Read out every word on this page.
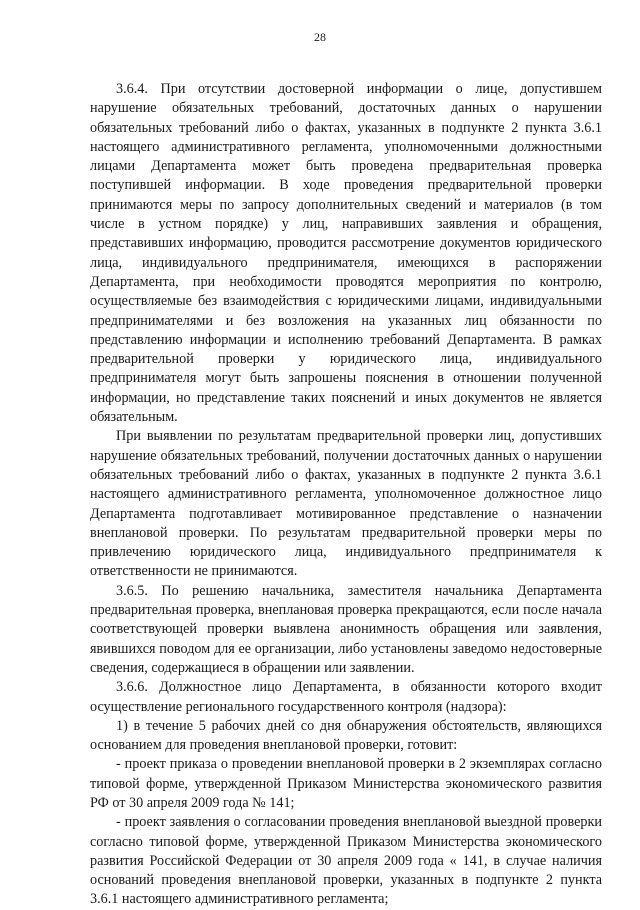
28

3.6.4. При отсутствии достоверной информации о лице, допустившем нарушение обязательных требований, достаточных данных о нарушении обязательных требований либо о фактах, указанных в подпункте 2 пункта 3.6.1 настоящего административного регламента, уполномоченными должностными лицами Департамента может быть проведена предварительная проверка поступившей информации. В ходе проведения предварительной проверки принимаются меры по запросу дополнительных сведений и материалов (в том числе в устном порядке) у лиц, направивших заявления и обращения, представивших информацию, проводится рассмотрение документов юридического лица, индивидуального предпринимателя, имеющихся в распоряжении Департамента, при необходимости проводятся мероприятия по контролю, осуществляемые без взаимодействия с юридическими лицами, индивидуальными предпринимателями и без возложения на указанных лиц обязанности по представлению информации и исполнению требований Департамента. В рамках предварительной проверки у юридического лица, индивидуального предпринимателя могут быть запрошены пояснения в отношении полученной информации, но представление таких пояснений и иных документов не является обязательным.

При выявлении по результатам предварительной проверки лиц, допустивших нарушение обязательных требований, получении достаточных данных о нарушении обязательных требований либо о фактах, указанных в подпункте 2 пункта 3.6.1 настоящего административного регламента, уполномоченное должностное лицо Департамента подготавливает мотивированное представление о назначении внеплановой проверки. По результатам предварительной проверки меры по привлечению юридического лица, индивидуального предпринимателя к ответственности не принимаются.

3.6.5. По решению начальника, заместителя начальника Департамента предварительная проверка, внеплановая проверка прекращаются, если после начала соответствующей проверки выявлена анонимность обращения или заявления, явившихся поводом для ее организации, либо установлены заведомо недостоверные сведения, содержащиеся в обращении или заявлении.

3.6.6. Должностное лицо Департамента, в обязанности которого входит осуществление регионального государственного контроля (надзора):

1) в течение 5 рабочих дней со дня обнаружения обстоятельств, являющихся основанием для проведения внеплановой проверки, готовит:

- проект приказа о проведении внеплановой проверки в 2 экземплярах согласно типовой форме, утвержденной Приказом Министерства экономического развития РФ от 30 апреля 2009 года № 141;

- проект заявления о согласовании проведения внеплановой выездной проверки согласно типовой форме, утвержденной Приказом Министерства экономического развития Российской Федерации от 30 апреля 2009 года « 141, в случае наличия оснований проведения внеплановой проверки, указанных в подпункте 2 пункта 3.6.1 настоящего административного регламента;
